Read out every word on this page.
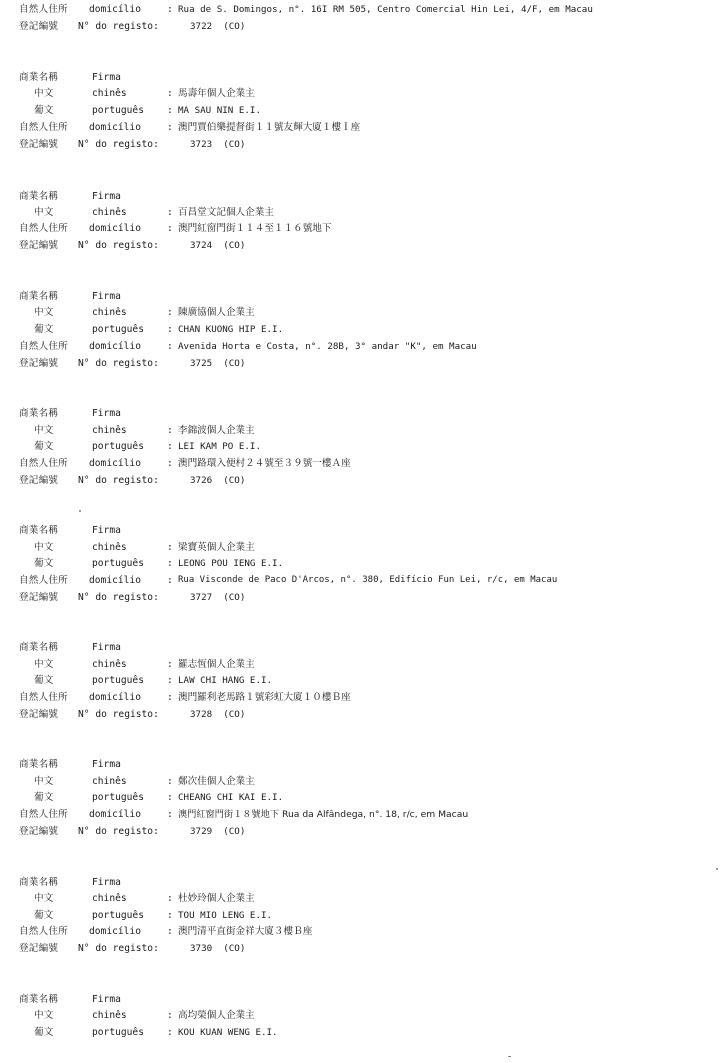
自然人住所 domicílio	: Rua de S. Domingos, n°. 16I RM 505, Centro Comercial Hin Lei, 4/F, em Macau
登記編號 N° do registo:	3722 (CO)
商業名稱	Firma
中文	chinês	: 馬壽年個人企業主
葡文	português : MA SAU NIN E.I.
自然人住所 domicílio	: 澳門賈伯樂提督街１１號友輝大廈１樓Ｉ座
登記編號 N° do registo:	3723 (CO)
商業名稱	Firma
中文	chinês	: 百昌堂文記個人企業主
自然人住所 domicílio	: 澳門紅窗門街１１４至１１６號地下
登記編號 N° do registo:	3724 (CO)
商業名稱	Firma
中文	chinês	: 陳廣協個人企業主
葡文	português : CHAN KUONG HIP E.I.
自然人住所 domicílio	: Avenida Horta e Costa, n°. 28B, 3° andar "K", em Macau
登記編號 N° do registo:	3725 (CO)
商業名稱	Firma
中文	chinês	: 李錦波個人企業主
葡文	português : LEI KAM PO E.I.
自然人住所 domicílio	: 澳門路環入便村２４號至３９號一樓Ａ座
登記編號 N° do registo:	3726 (CO)
商業名稱	Firma
中文	chinês	: 梁寶英個人企業主
葡文	português : LEONG POU IENG E.I.
自然人住所 domicílio	: Rua Visconde de Paco D'Arcos, n°. 380, Edifício Fun Lei, r/c, em Macau
登記編號 N° do registo:	3727 (CO)
商業名稱	Firma
中文	chinês	: 羅志恆個人企業主
葡文	português : LAW CHI HANG E.I.
自然人住所 domicílio	: 澳門羅利老馬路１號彩虹大廈１０樓Ｂ座
登記編號 N° do registo:	3728 (CO)
商業名稱	Firma
中文	chinês	: 鄭次佳個人企業主
葡文	português : CHEANG CHI KAI E.I.
自然人住所 domicílio	: 澳門紅窗門街１８號地下 Rua da Alfândega, n°. 18, r/c, em Macau
登記編號 N° do registo:	3729 (CO)
商業名稱	Firma
中文	chinês	: 杜妙玲個人企業主
葡文	português : TOU MIO LENG E.I.
自然人住所 domicílio	: 澳門清平直街金祥大廈３樓Ｂ座
登記編號 N° do registo:	3730 (CO)
商業名稱	Firma
中文	chinês	: 高均榮個人企業主
葡文	português : KOU KUAN WENG E.I.
